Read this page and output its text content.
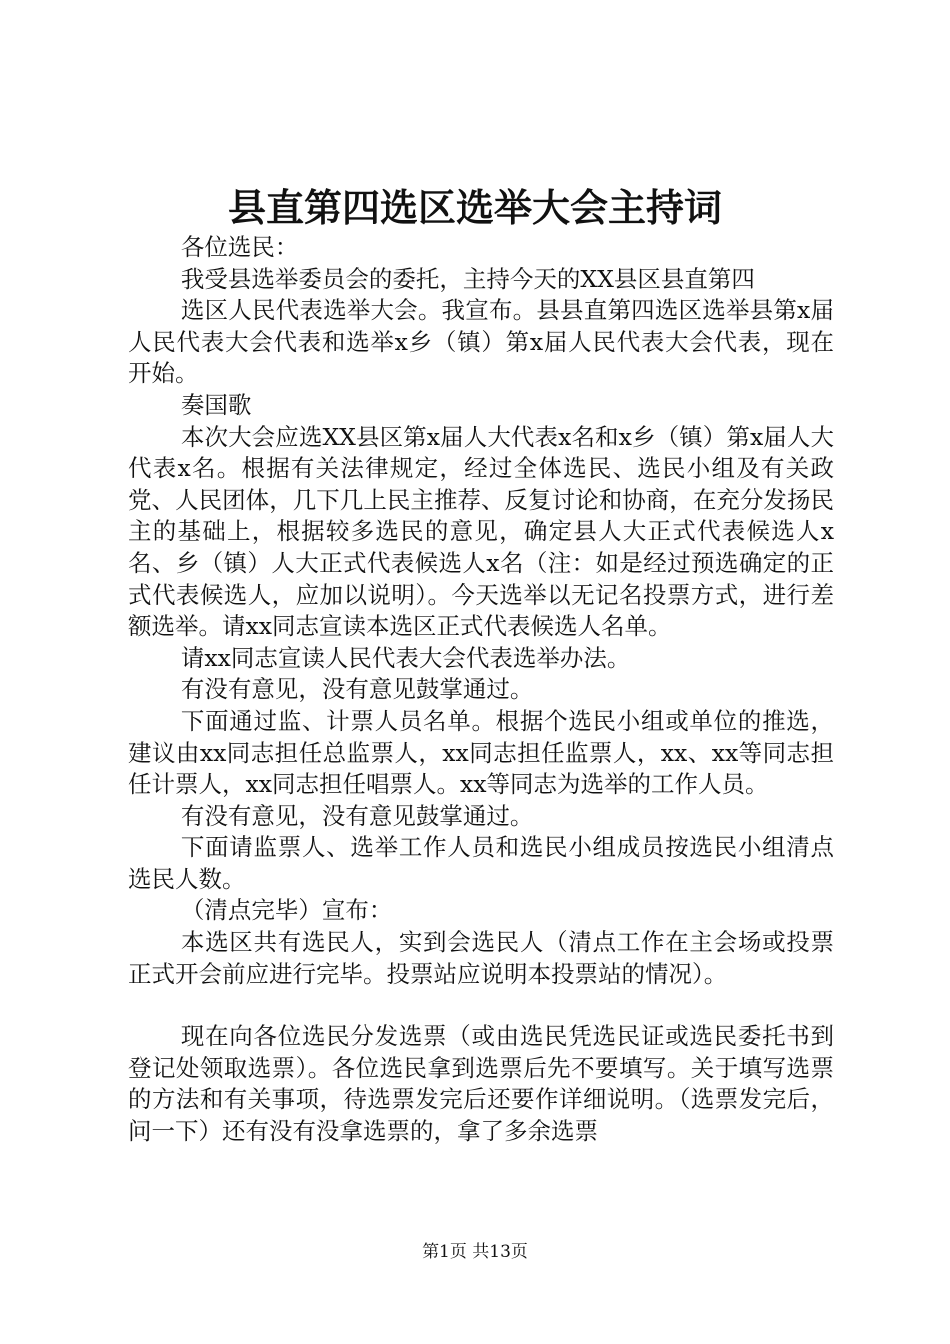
县直第四选区选举大会主持词

各位选民：

我受县选举委员会的委托，主持今天的XX县区县直第四

选区人民代表选举大会。我宣布。县县直第四选区选举县第x届人民代表大会代表和选举x乡（镇）第x届人民代表大会代表，现在开始。

奏国歌

本次大会应选XX县区第x届人大代表x名和x乡（镇）第x届人大代表x名。根据有关法律规定，经过全体选民、选民小组及有关政党、人民团体，几下几上民主推荐、反复讨论和协商，在充分发扬民主的基础上，根据较多选民的意见，确定县人大正式代表候选人x名、乡（镇）人大正式代表候选人x名（注：如是经过预选确定的正式代表候选人，应加以说明）。今天选举以无记名投票方式，进行差额选举。请xx同志宣读本选区正式代表候选人名单。

请xx同志宣读人民代表大会代表选举办法。

有没有意见，没有意见鼓掌通过。

下面通过监、计票人员名单。根据个选民小组或单位的推选，建议由xx同志担任总监票人，xx同志担任监票人，xx、xx等同志担任计票人，xx同志担任唱票人。xx等同志为选举的工作人员。

有没有意见，没有意见鼓掌通过。

下面请监票人、选举工作人员和选民小组成员按选民小组清点选民人数。

（清点完毕）宣布：

本选区共有选民人，实到会选民人（清点工作在主会场或投票正式开会前应进行完毕。投票站应说明本投票站的情况）。

现在向各位选民分发选票（或由选民凭选民证或选民委托书到登记处领取选票）。各位选民拿到选票后先不要填写。关于填写选票的方法和有关事项，待选票发完后还要作详细说明。（选票发完后，问一下）还有没有没拿选票的，拿了多余选票

第1页 共13页
